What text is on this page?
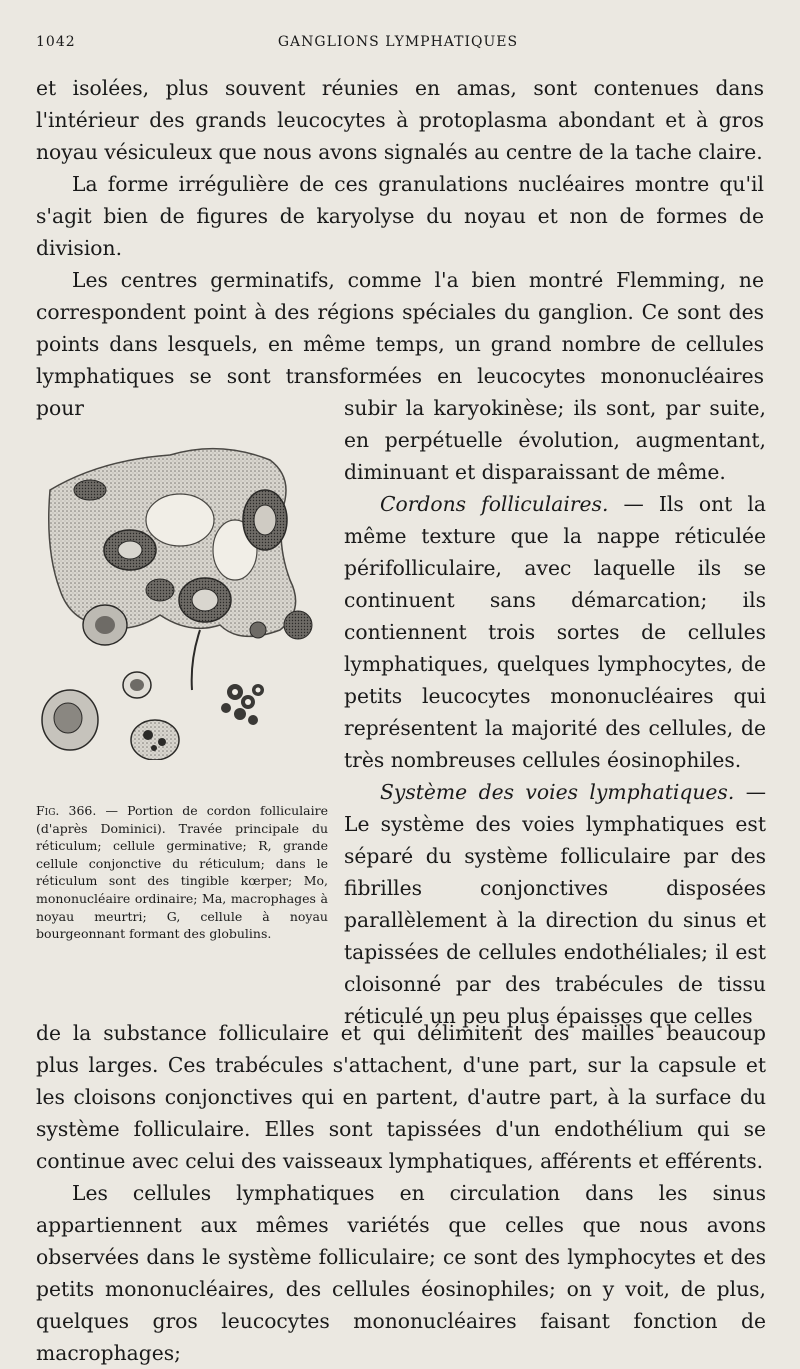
1042	GANGLIONS LYMPHATIQUES

et isolées, plus souvent réunies en amas, sont contenues dans l'intérieur des grands leucocytes à protoplasma abondant et à gros noyau vésiculeux que nous avons signalés au centre de la tache claire.

La forme irrégulière de ces granulations nucléaires montre qu'il s'agit bien de figures de karyolyse du noyau et non de formes de division.

Les centres germinatifs, comme l'a bien montré Flemming, ne correspondent point à des régions spéciales du ganglion. Ce sont des points dans lesquels, en même temps, un grand nombre de cellules lymphatiques se sont transformées en leucocytes mononucléaires pour	subir la karyokinèse; ils sont, par suite, en perpétuelle évolution, augmentant, diminuant et disparaissant de même.

Cordons folliculaires. — Ils ont la même texture que la nappe réticulée périfolliculaire, avec laquelle ils se continuent sans démarcation; ils contiennent trois sortes de cellules lymphatiques, quelques lymphocytes, de petits leucocytes mononucléaires qui représentent la majorité des cellules, de très nombreuses cellules éosinophiles.

Système des voies lymphatiques. — Le système des voies lymphatiques est séparé du système folliculaire par des fibrilles conjonctives disposées parallèlement à la direction du sinus et tapissées de cellules endothéliales; il est cloisonné par des trabécules de tissu réticulé un peu plus épaisses que celles

Fig. 366. — Portion de cordon folliculaire (d'après Dominici). Travée principale du réticulum; cellule germinative; R, grande cellule conjonctive du réticulum; dans le réticulum sont des tingible kœrper; Mo, mononucléaire ordinaire; Ma, macrophages à noyau meurtri; G, cellule à noyau bourgeonnant formant des globulins.

de la substance folliculaire et qui délimitent des mailles beaucoup plus larges. Ces trabécules s'attachent, d'une part, sur la capsule et les cloisons conjonctives qui en partent, d'autre part, à la surface du système folliculaire. Elles sont tapissées d'un endothélium qui se continue avec celui des vaisseaux lymphatiques, afférents et efférents.

Les cellules lymphatiques en circulation dans les sinus appartiennent aux mêmes variétés que celles que nous avons observées dans le système folliculaire; ce sont des lymphocytes et des petits mononucléaires, des cellules éosinophiles; on y voit, de plus, quelques gros leucocytes mononucléaires faisant fonction de macrophages;
